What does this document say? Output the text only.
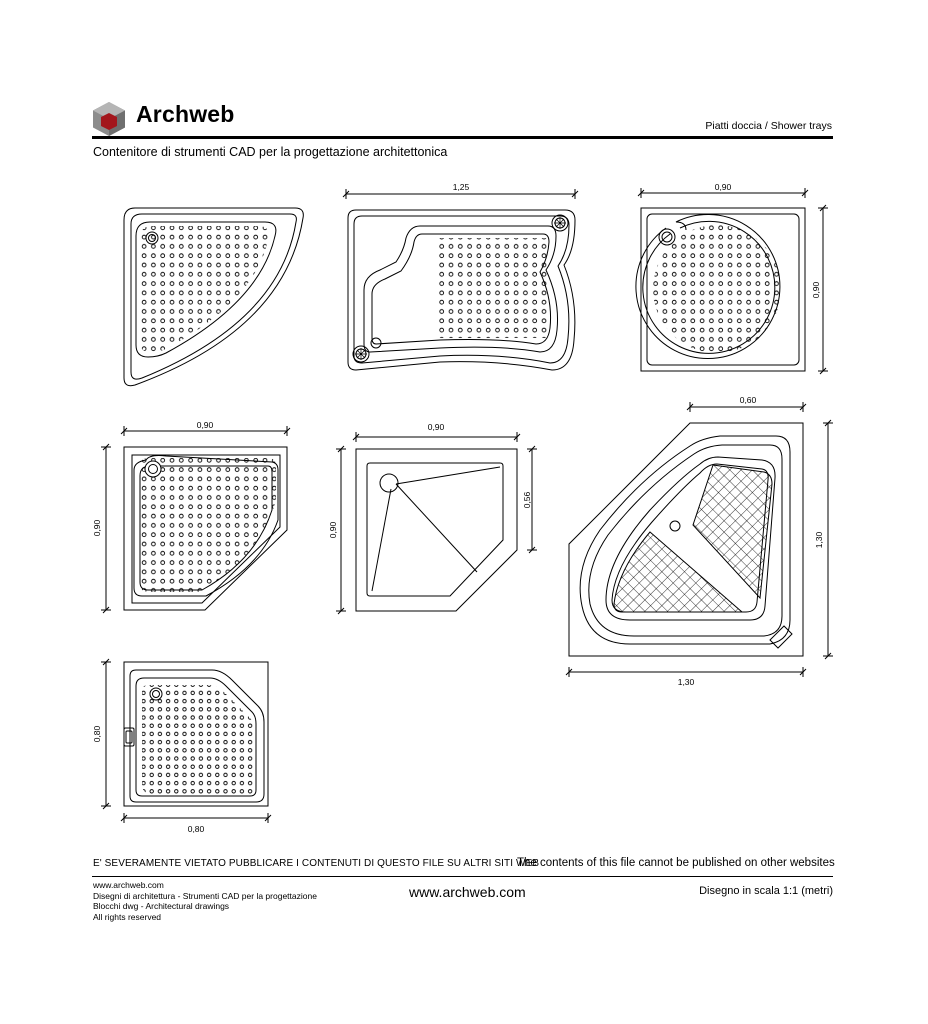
Archweb	Piatti doccia / Shower trays
Contenitore di strumenti CAD per la progettazione architettonica
1,25	0,90
0,90
0,90
0,90
0,90
0,90
0,56
0,60
1,30
1,30
0,80
0,80
E' SEVERAMENTE VIETATO PUBBLICARE I CONTENUTI DI QUESTO FILE SU ALTRI SITI WEB
The contents of this file cannot be published on other websites
www.archweb.com
Disegni di architettura - Strumenti CAD per la progettazione
Blocchi dwg - Architectural drawings
All rights reserved
www.archweb.com	Disegno in scala 1:1 (metri)
